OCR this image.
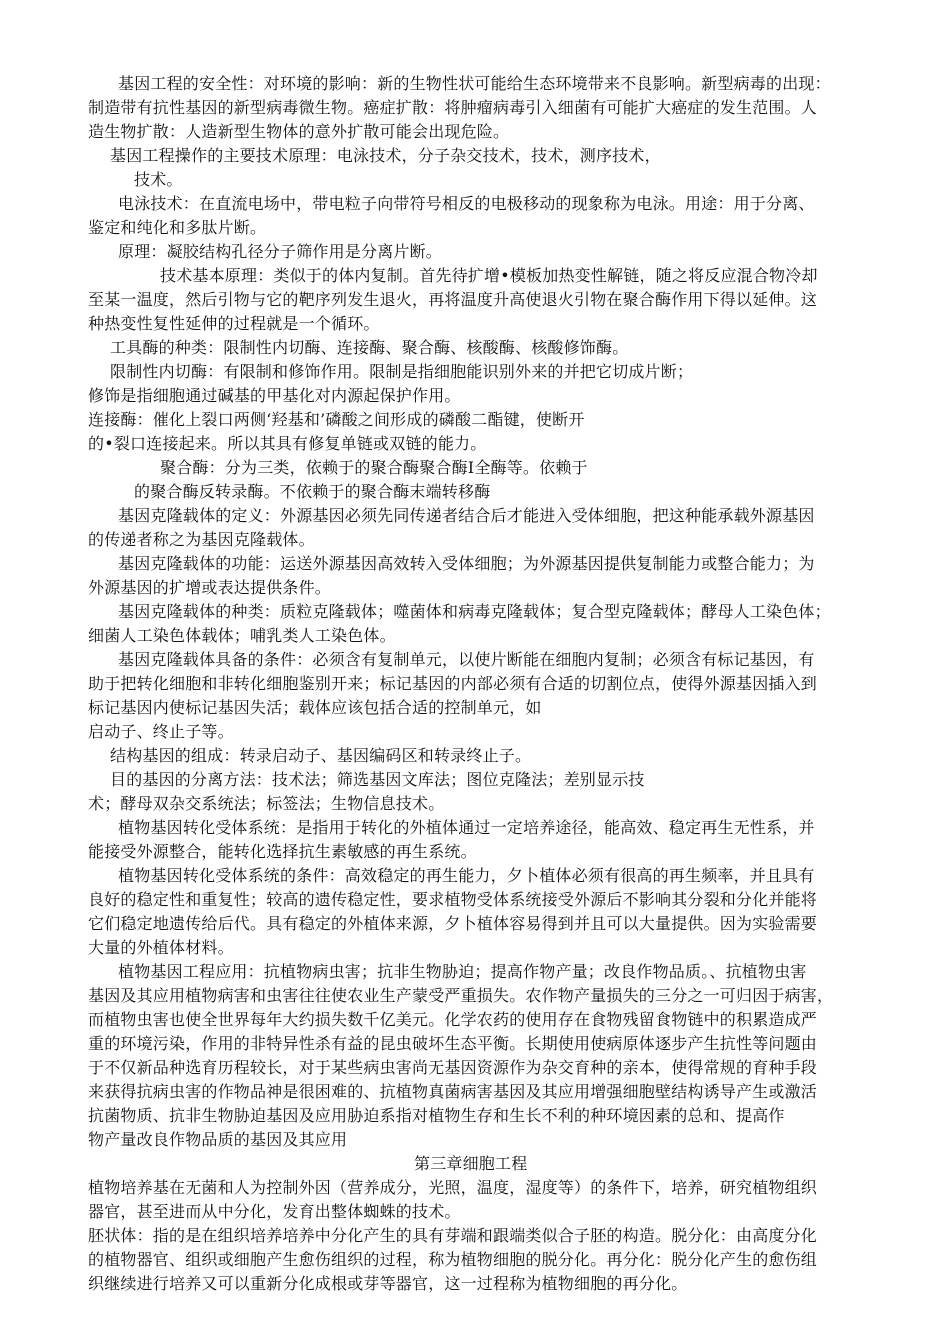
基因工程的安全性：对环境的影响：新的生物性状可能给生态环境带来不良影响。新型病毒的出现：
制造带有抗性基因的新型病毒微生物。癌症扩散：将肿瘤病毒引入细菌有可能扩大癌症的发生范围。人
造生物扩散：人造新型生物体的意外扩散可能会出现危险。
基因工程操作的主要技术原理：电泳技术，分子杂交技术，技术，测序技术，
技术。
电泳技术：在直流电场中，带电粒子向带符号相反的电极移动的现象称为电泳。用途：用于分离、
鉴定和纯化和多肽片断。
原理：凝胶结构孔径分子筛作用是分离片断。
技术基本原理：类似于的体内复制。首先待扩增•模板加热变性解链，随之将反应混合物冷却
至某一温度，然后引物与它的靶序列发生退火，再将温度升高使退火引物在聚合酶作用下得以延伸。这
种热变性复性延伸的过程就是一个循环。
工具酶的种类：限制性内切酶、连接酶、聚合酶、核酸酶、核酸修饰酶。
限制性内切酶：有限制和修饰作用。限制是指细胞能识别外来的并把它切成片断；
修饰是指细胞通过碱基的甲基化对内源起保护作用。
连接酶：催化上裂口两侧‘羟基和’磷酸之间形成的磷酸二酯键，使断开
的•裂口连接起来。所以其具有修复单链或双链的能力。
聚合酶：分为三类，依赖于的聚合酶聚合酶Ⅰ全酶等。依赖于
的聚合酶反转录酶。不依赖于的聚合酶末端转移酶
基因克隆载体的定义：外源基因必须先同传递者结合后才能进入受体细胞，把这种能承载外源基因
的传递者称之为基因克隆载体。
基因克隆载体的功能：运送外源基因高效转入受体细胞；为外源基因提供复制能力或整合能力；为
外源基因的扩增或表达提供条件。
基因克隆载体的种类：质粒克隆载体；噬菌体和病毒克隆载体；复合型克隆载体；酵母人工染色体；
细菌人工染色体载体；哺乳类人工染色体。
基因克隆载体具备的条件：必须含有复制单元，以使片断能在细胞内复制；必须含有标记基因，有
助于把转化细胞和非转化细胞鉴别开来；标记基因的内部必须有合适的切割位点，使得外源基因插入到
标记基因内使标记基因失活；载体应该包括合适的控制单元，如
启动子、终止子等。
结构基因的组成：转录启动子、基因编码区和转录终止子。
目的基因的分离方法：技术法；筛选基因文库法；图位克隆法；差别显示技
术；酵母双杂交系统法；标签法；生物信息技术。
植物基因转化受体系统：是指用于转化的外植体通过一定培养途径，能高效、稳定再生无性系，并
能接受外源整合，能转化选择抗生素敏感的再生系统。
植物基因转化受体系统的条件：高效稳定的再生能力，夕卜植体必须有很高的再生频率，并且具有
良好的稳定性和重复性；较高的遗传稳定性，要求植物受体系统接受外源后不影响其分裂和分化并能将
它们稳定地遗传给后代。具有稳定的外植体来源，夕卜植体容易得到并且可以大量提供。因为实验需要
大量的外植体材料。
植物基因工程应用：抗植物病虫害；抗非生物胁迫；提高作物产量；改良作物品质。、抗植物虫害
基因及其应用植物病害和虫害往往使农业生产蒙受严重损失。农作物产量损失的三分之一可归因于病害，
而植物虫害也使全世界每年大约损失数千亿美元。化学农药的使用存在食物残留食物链中的积累造成严
重的环境污染，作用的非特异性杀有益的昆虫破坏生态平衡。长期使用使病原体逐步产生抗性等问题由
于不仅新品种选育历程较长，对于某些病虫害尚无基因资源作为杂交育种的亲本，使得常规的育种手段
来获得抗病虫害的作物品神是很困难的、抗植物真菌病害基因及其应用增强细胞壁结构诱导产生或激活
抗菌物质、抗非生物胁迫基因及应用胁迫系指对植物生存和生长不利的种环境因素的总和、提高作
物产量改良作物品质的基因及其应用
第三章细胞工程
植物培养基在无菌和人为控制外因（营养成分，光照，温度，湿度等）的条件下，培养，研究植物组织
器官，甚至进而从中分化，发育出整体蜘蛛的技术。
胚状体：指的是在组织培养培养中分化产生的具有芽端和跟端类似合子胚的构造。脱分化：由高度分化
的植物器官、组织或细胞产生愈伤组织的过程，称为植物细胞的脱分化。再分化：脱分化产生的愈伤组
织继续进行培养又可以重新分化成根或芽等器官，这一过程称为植物细胞的再分化。
